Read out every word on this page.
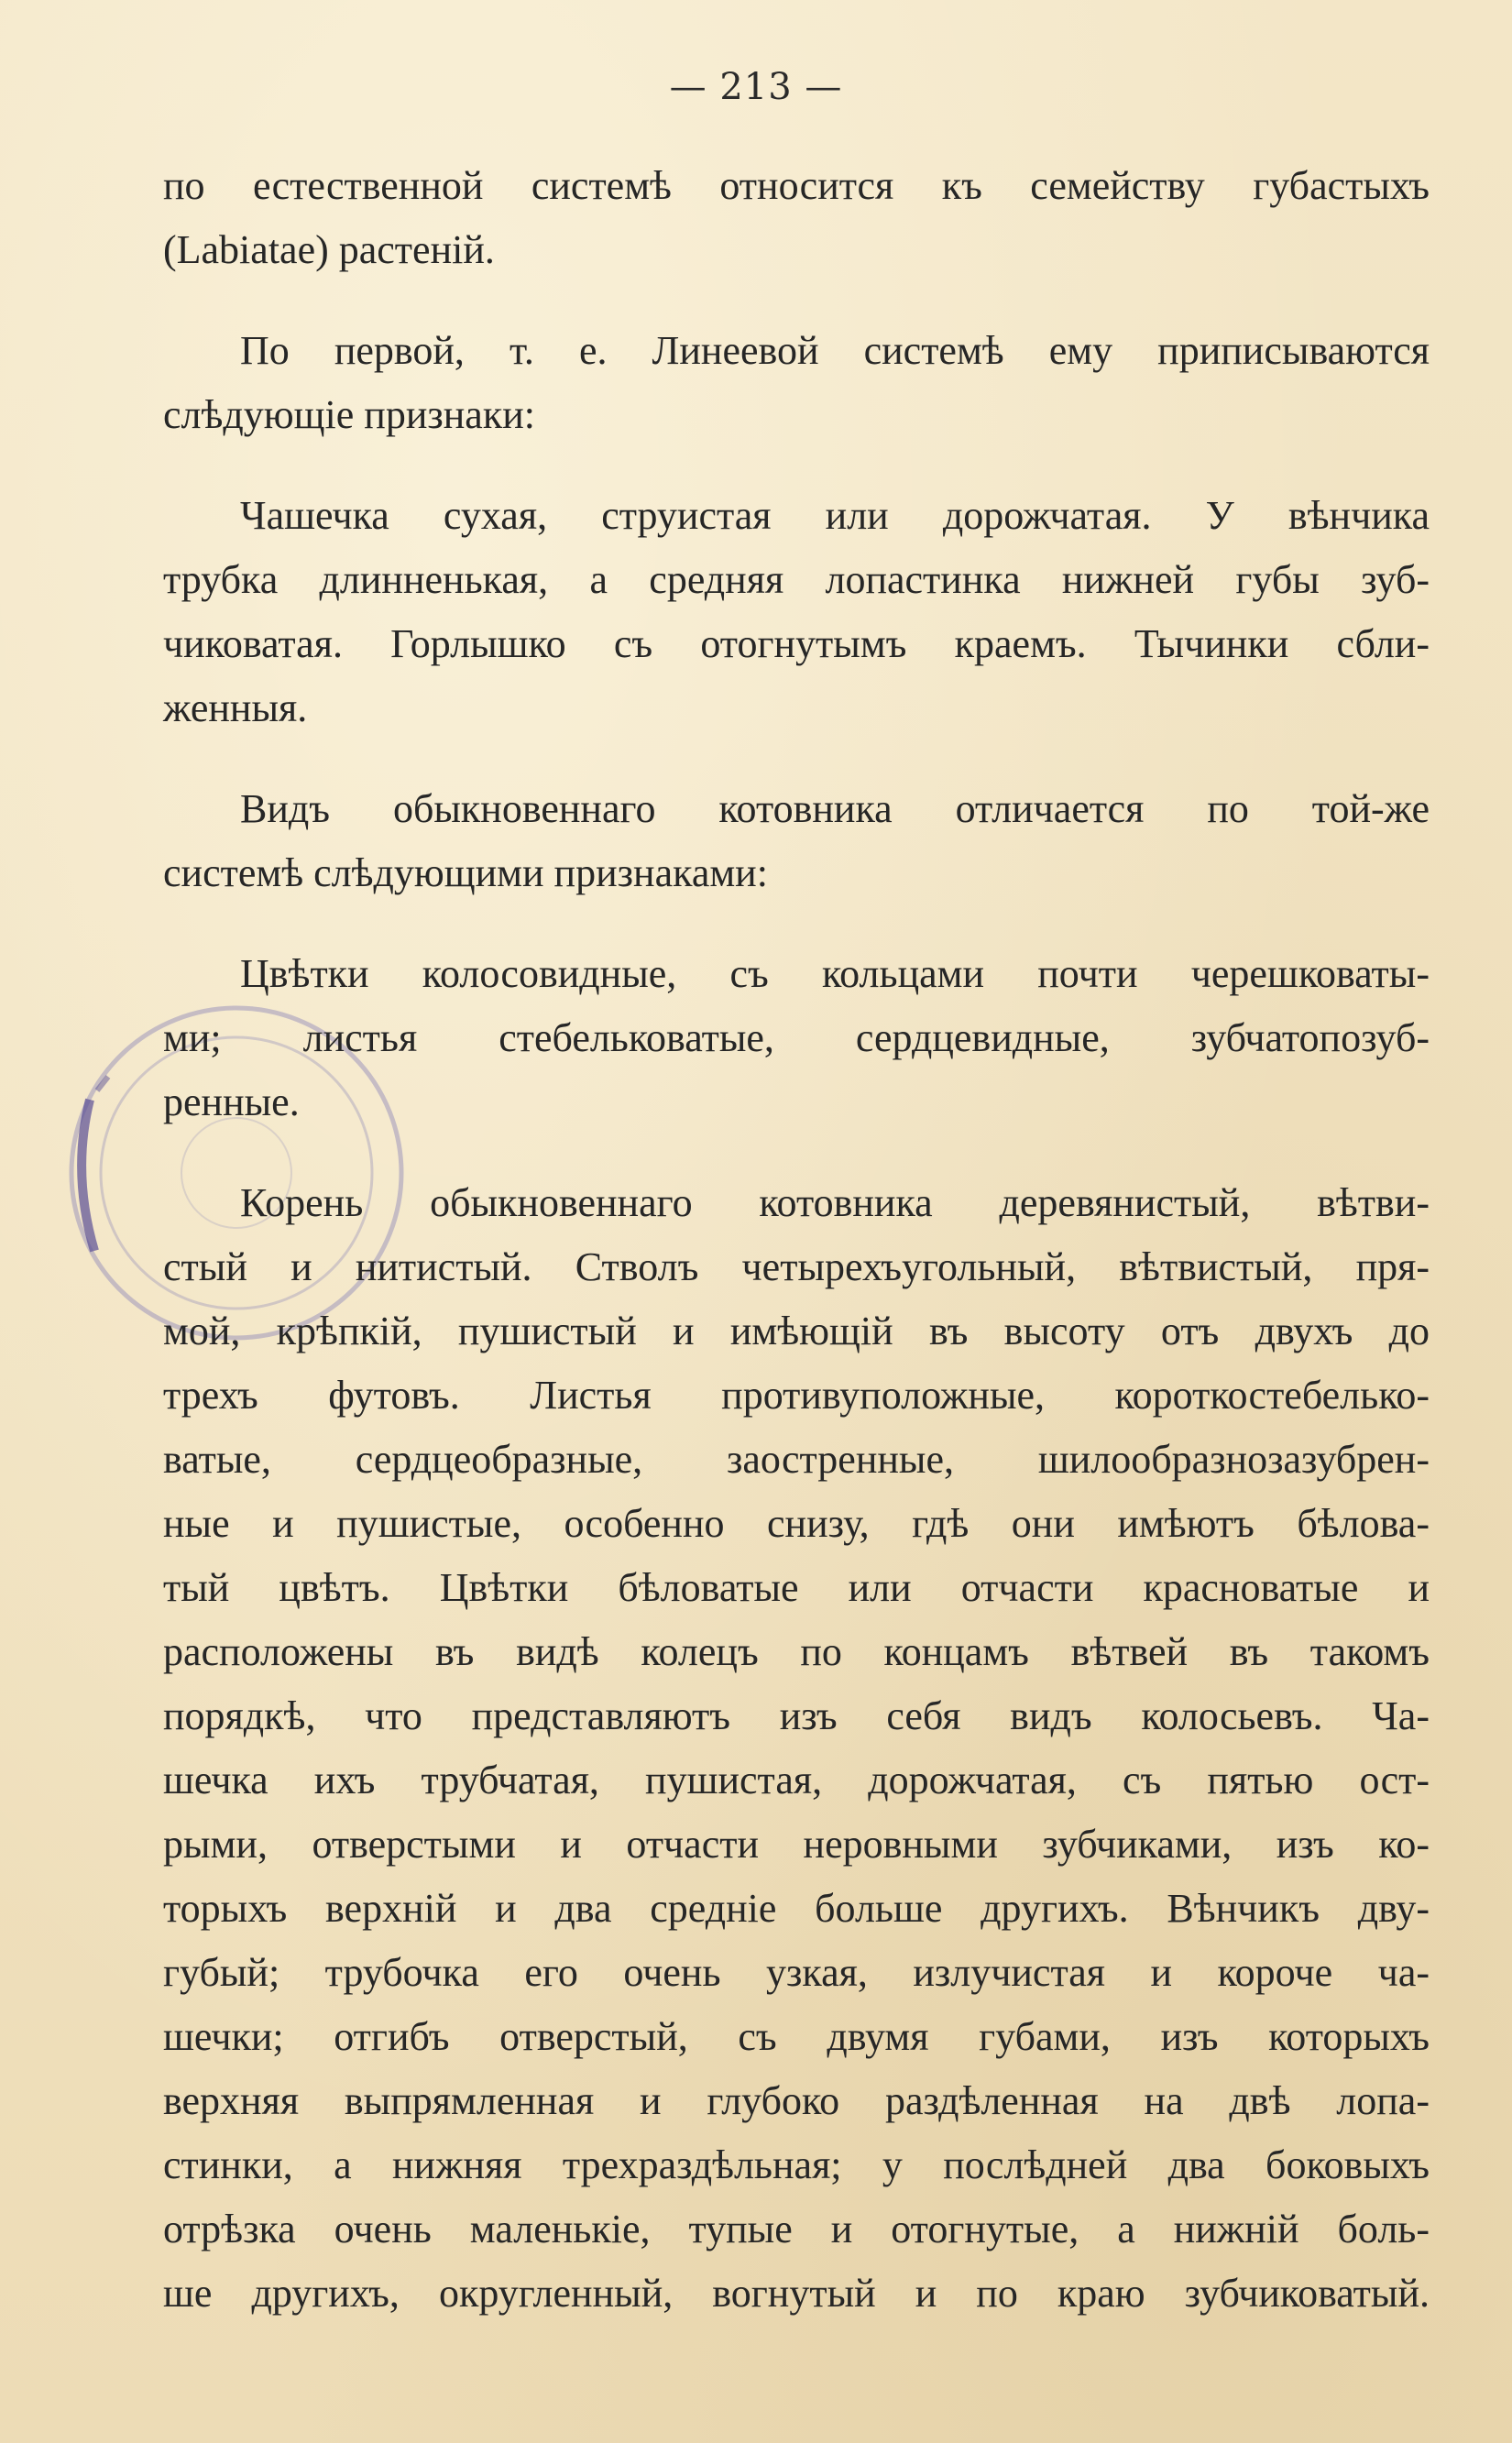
— 213 —
по естественной системѣ относится къ семейству губастыхъ
(Labiatae) растеній.
По первой, т. е. Линеевой системѣ ему приписываются
слѣдующіе признаки:
Чашечка сухая, струистая или дорожчатая. У вѣнчика
трубка длинненькая, а средняя лопастинка нижней губы зуб-
чиковатая. Горлышко съ отогнутымъ краемъ. Тычинки сбли-
женныя.
Видъ обыкновеннаго котовника отличается по той-же
системѣ слѣдующими признаками:
Цвѣтки колосовидные, съ кольцами почти черешковаты-
ми; листья стебельковатые, сердцевидные, зубчатопозуб-
ренные.
Корень обыкновеннаго котовника деревянистый, вѣтви-
стый и нитистый. Стволъ четырехъугольный, вѣтвистый, пря-
мой, крѣпкій, пушистый и имѣющій въ высоту отъ двухъ до
трехъ футовъ. Листья противуположные, короткостебелько-
ватые, сердцеобразные, заостренные, шилообразнозазубрен-
ные и пушистые, особенно снизу, гдѣ они имѣютъ бѣлова-
тый цвѣтъ. Цвѣтки бѣловатые или отчасти красноватые и
расположены въ видѣ колецъ по концамъ вѣтвей въ такомъ
порядкѣ, что представляютъ изъ себя видъ колосьевъ. Ча-
шечка ихъ трубчатая, пушистая, дорожчатая, съ пятью ост-
рыми, отверстыми и отчасти неровными зубчиками, изъ ко-
торыхъ верхній и два средніе больше другихъ. Вѣнчикъ дву-
губый; трубочка его очень узкая, излучистая и короче ча-
шечки; отгибъ отверстый, съ двумя губами, изъ которыхъ
верхняя выпрямленная и глубоко раздѣленная на двѣ лопа-
стинки, а нижняя трехраздѣльная; у послѣдней два боковыхъ
отрѣзка очень маленькіе, тупые и отогнутые, а нижній боль-
ше другихъ, округленный, вогнутый и по краю зубчиковатый.
